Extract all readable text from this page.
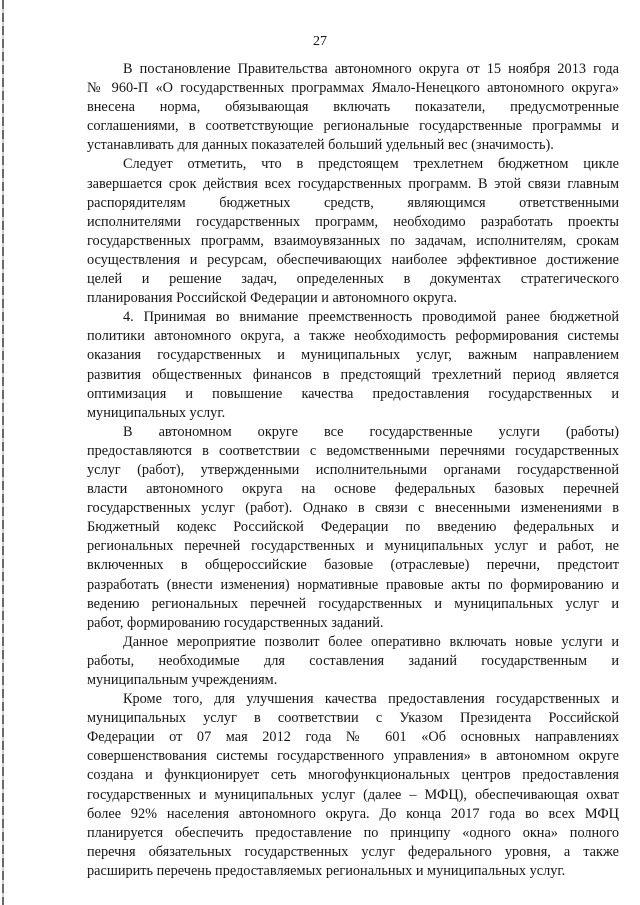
27

В постановление Правительства автономного округа от 15 ноября 2013 года
№ 960-П «О государственных программах Ямало-Ненецкого автономного округа»
внесена норма, обязывающая включать показатели, предусмотренные
соглашениями, в соответствующие региональные государственные программы и
устанавливать для данных показателей больший удельный вес (значимость).

Следует отметить, что в предстоящем трехлетнем бюджетном цикле
завершается срок действия всех государственных программ. В этой связи главным
распорядителям бюджетных средств, являющимся ответственными
исполнителями государственных программ, необходимо разработать проекты
государственных программ, взаимоувязанных по задачам, исполнителям, срокам
осуществления и ресурсам, обеспечивающих наиболее эффективное достижение
целей и решение задач, определенных в документах стратегического
планирования Российской Федерации и автономного округа.

4. Принимая во внимание преемственность проводимой ранее бюджетной
политики автономного округа, а также необходимость реформирования системы
оказания государственных и муниципальных услуг, важным направлением
развития общественных финансов в предстоящий трехлетний период является
оптимизация и повышение качества предоставления государственных и
муниципальных услуг.

В автономном округе все государственные услуги (работы)
предоставляются в соответствии с ведомственными перечнями государственных
услуг (работ), утвержденными исполнительными органами государственной
власти автономного округа на основе федеральных базовых перечней
государственных услуг (работ). Однако в связи с внесенными изменениями в
Бюджетный кодекс Российской Федерации по введению федеральных и
региональных перечней государственных и муниципальных услуг и работ, не
включенных в общероссийские базовые (отраслевые) перечни, предстоит
разработать (внести изменения) нормативные правовые акты по формированию и
ведению региональных перечней государственных и муниципальных услуг и
работ, формированию государственных заданий.

Данное мероприятие позволит более оперативно включать новые услуги и
работы, необходимые для составления заданий государственным и
муниципальным учреждениям.

Кроме того, для улучшения качества предоставления государственных и
муниципальных услуг в соответствии с Указом Президента Российской
Федерации от 07 мая 2012 года № 601 «Об основных направлениях
совершенствования системы государственного управления» в автономном округе
создана и функционирует сеть многофункциональных центров предоставления
государственных и муниципальных услуг (далее – МФЦ), обеспечивающая охват
более 92% населения автономного округа. До конца 2017 года во всех МФЦ
планируется обеспечить предоставление по принципу «одного окна» полного
перечня обязательных государственных услуг федерального уровня, а также
расширить перечень предоставляемых региональных и муниципальных услуг.
